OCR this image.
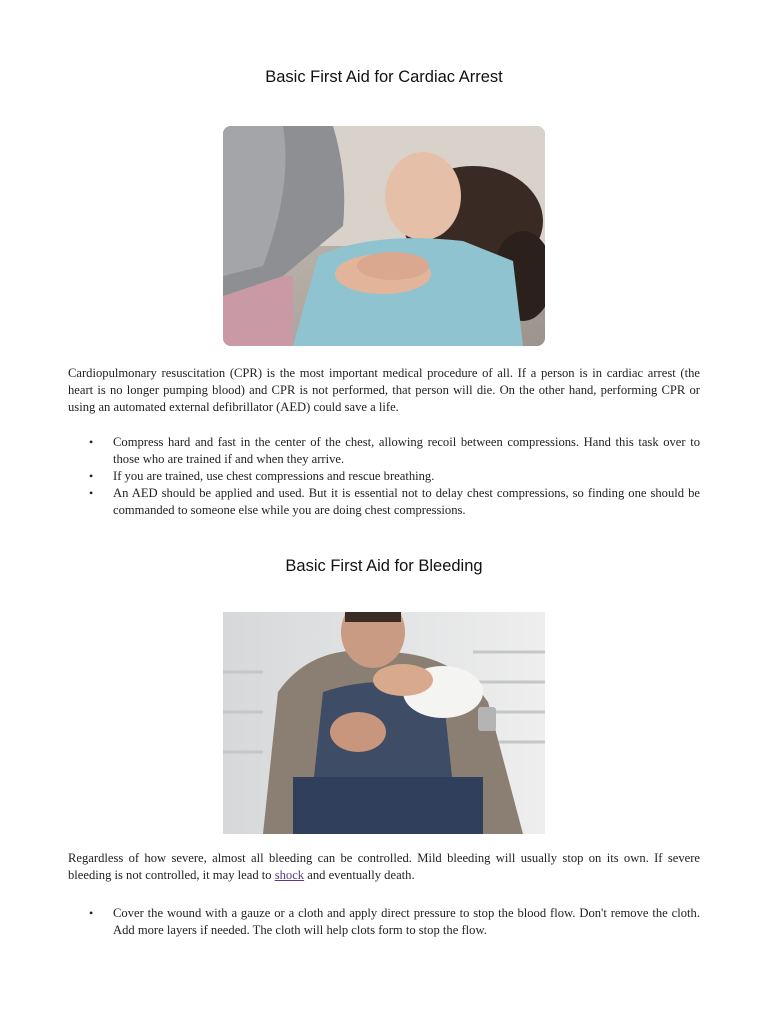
Basic First Aid for Cardiac Arrest

Cardiopulmonary resuscitation (CPR) is the most important medical procedure of all. If a person is in cardiac arrest (the heart is no longer pumping blood) and CPR is not performed, that person will die. On the other hand, performing CPR or using an automated external defibrillator (AED) could save a life.

• Compress hard and fast in the center of the chest, allowing recoil between compressions. Hand this task over to those who are trained if and when they arrive.
• If you are trained, use chest compressions and rescue breathing.
• An AED should be applied and used. But it is essential not to delay chest compressions, so finding one should be commanded to someone else while you are doing chest compressions.
Basic First Aid for Bleeding

Regardless of how severe, almost all bleeding can be controlled. Mild bleeding will usually stop on its own. If severe bleeding is not controlled, it may lead to shock and eventually death.

• Cover the wound with a gauze or a cloth and apply direct pressure to stop the blood flow. Don't remove the cloth. Add more layers if needed. The cloth will help clots form to stop the flow.
